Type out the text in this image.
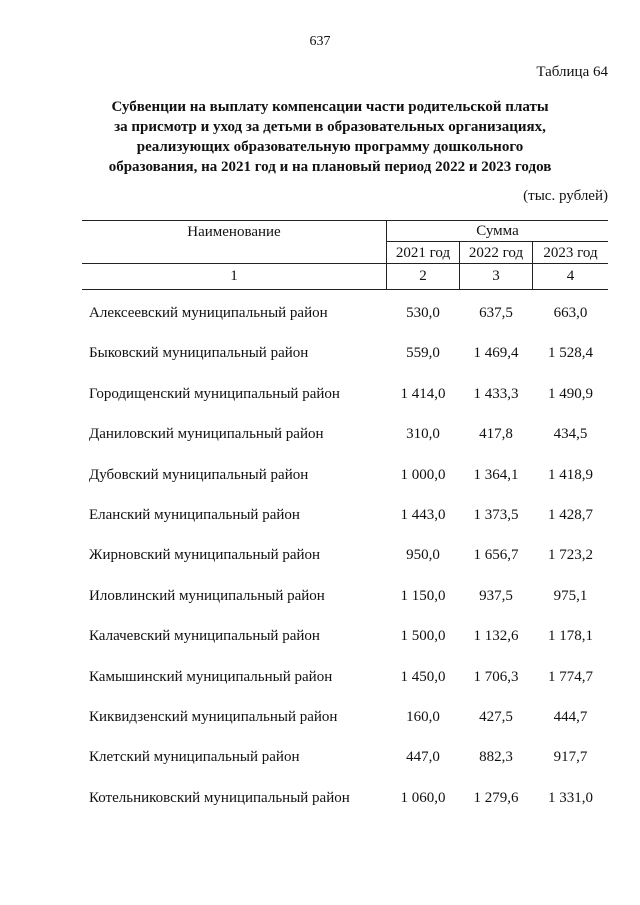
637
Таблица 64
Субвенции на выплату компенсации части родительской платы
за присмотр и уход за детьми в образовательных организациях,
реализующих образовательную программу дошкольного
образования, на 2021 год и на плановый период 2022 и 2023 годов
(тыс. рублей)
Наименование	Сумма
2021 год	2022 год	2023 год
1	2	3	4
Алексеевский муниципальный район	530,0	637,5	663,0
Быковский муниципальный район	559,0	1 469,4	1 528,4
Городищенский муниципальный район	1 414,0	1 433,3	1 490,9
Даниловский муниципальный район	310,0	417,8	434,5
Дубовский муниципальный район	1 000,0	1 364,1	1 418,9
Еланский муниципальный район	1 443,0	1 373,5	1 428,7
Жирновский муниципальный район	950,0	1 656,7	1 723,2
Иловлинский муниципальный район	1 150,0	937,5	975,1
Калачевский муниципальный район	1 500,0	1 132,6	1 178,1
Камышинский муниципальный район	1 450,0	1 706,3	1 774,7
Киквидзенский муниципальный район	160,0	427,5	444,7
Клетский муниципальный район	447,0	882,3	917,7
Котельниковский муниципальный район	1 060,0	1 279,6	1 331,0
